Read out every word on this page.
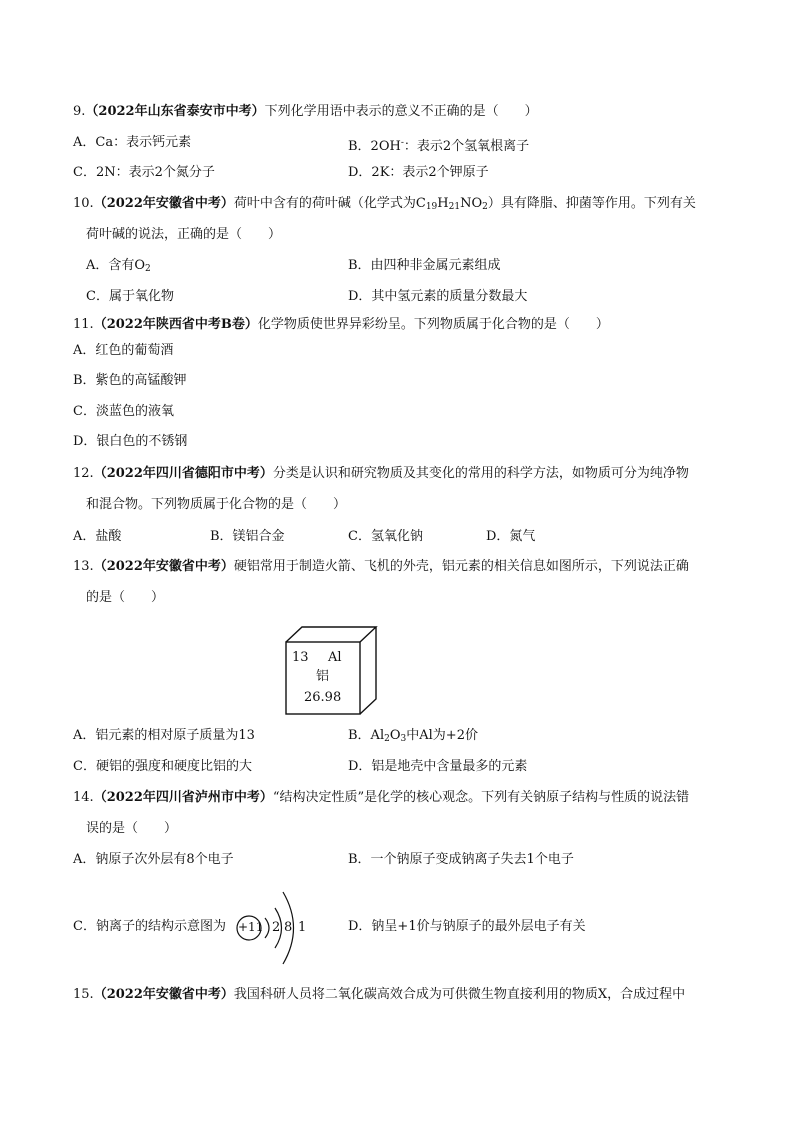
9.（2022年山东省泰安市中考）下列化学用语中表示的意义不正确的是（　　）
A．Ca：表示钙元素	B．2OH-：表示2个氢氧根离子
C．2N：表示2个氮分子	D．2K：表示2个钾原子
10.（2022年安徽省中考）荷叶中含有的荷叶碱（化学式为$C_{19}H_{21}NO_2$）具有降脂、抑菌等作用。下列有关
荷叶碱的说法，正确的是（　　）
A．含有$O_2$	B．由四种非金属元素组成
C．属于氧化物	D．其中氢元素的质量分数最大
11.（2022年陕西省中考B卷）化学物质使世界异彩纷呈。下列物质属于化合物的是（　　）
A．红色的葡萄酒
B．紫色的高锰酸钾
C．淡蓝色的液氧
D．银白色的不锈钢
12.（2022年四川省德阳市中考）分类是认识和研究物质及其变化的常用的科学方法，如物质可分为纯净物
和混合物。下列物质属于化合物的是（　　）
A．盐酸	B．镁铝合金	C．氢氧化钠	D．氮气
13.（2022年安徽省中考）硬铝常用于制造火箭、飞机的外壳，铝元素的相关信息如图所示，下列说法正确
的是（　　）
13 Al
铝
26.98
A．铝元素的相对原子质量为13	B．$Al_2O_3$中Al为+2价
C．硬铝的强度和硬度比铝的大	D．铝是地壳中含量最多的元素
14.（2022年四川省泸州市中考）“结构决定性质”是化学的核心观念。下列有关钠原子结构与性质的说法错
误的是（　　）
A．钠原子次外层有8个电子	B．一个钠原子变成钠离子失去1个电子
C．钠离子的结构示意图为 +11 2 8 1	D．钠呈+1价与钠原子的最外层电子有关
15.（2022年安徽省中考）我国科研人员将二氧化碳高效合成为可供微生物直接利用的物质X，合成过程中
